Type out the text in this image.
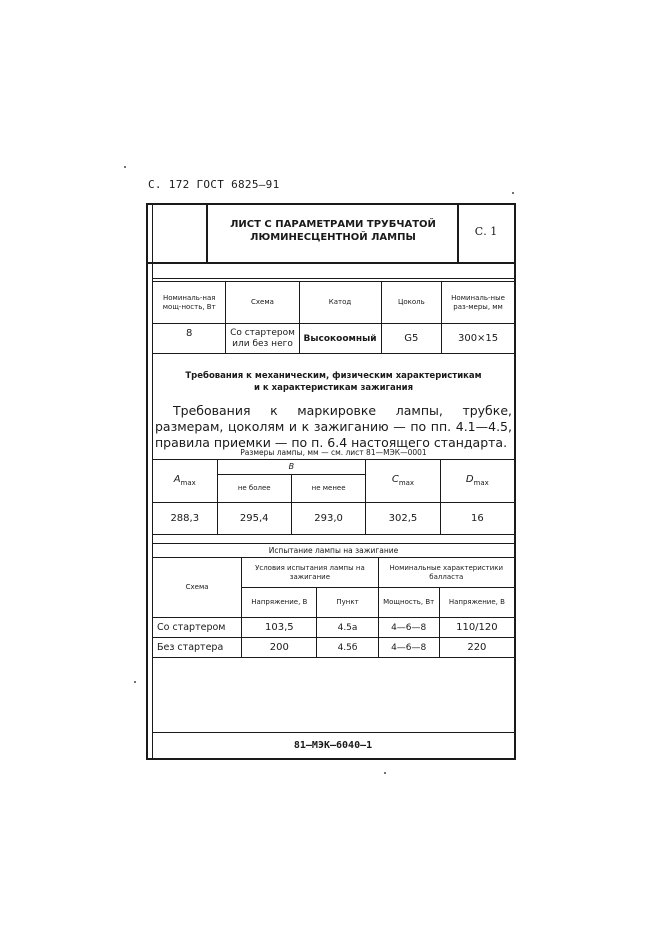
С. 172 ГОСТ 6825—91
ЛИСТ С ПАРАМЕТРАМИ ТРУБЧАТОЙ
ЛЮМИНЕСЦЕНТНОЙ ЛАМПЫ	С. 1
Номиналь-ная мощ-ность, Вт	Схема	Катод	Цоколь	Номиналь-ные раз-меры, мм
8	Со стартером или без него	Высокоомный	G5	300×15
Требования к механическим, физическим характеристикам
и к характеристикам зажигания
Требования к маркировке лампы, трубке, размерам, цоколям и к зажиганию — по пп. 4.1—4.5, правила приемки — по п. 6.4 настоящего стандарта.
Размеры лампы, мм — см. лист 81—МЭК—0001
$A_{max}$	B		$C_{max}$	$D_{max}$
	не более	не менее		
288,3	295,4	293,0	302,5	16
Испытание лампы на зажигание
Схема	Условия испытания лампы на зажигание		Номинальные характеристики балласта	
	Напряжение, В	Пункт	Мощность, Вт	Напряжение, В
Со стартером	103,5	4.5а	4—6—8	110/120
Без стартера	200	4.5б	4—6—8	220
81—МЭК—6040—1
